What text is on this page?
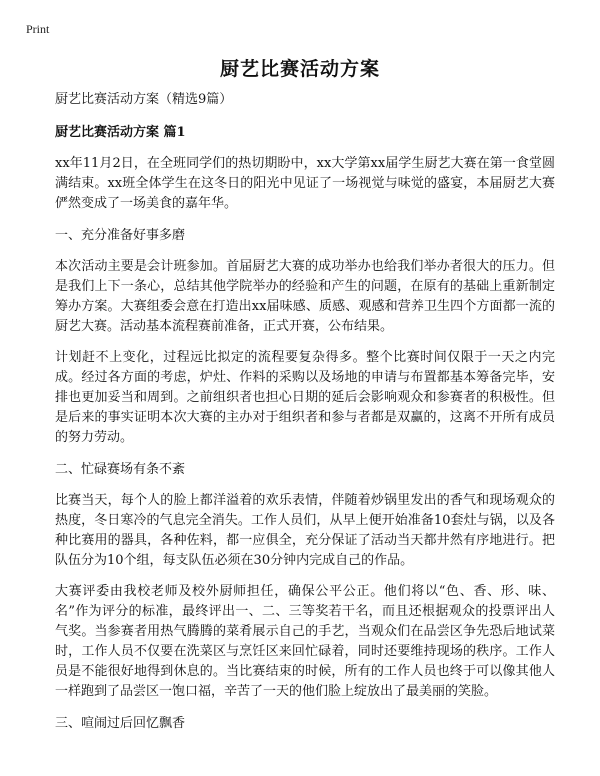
Print
厨艺比赛活动方案

厨艺比赛活动方案（精选9篇）

厨艺比赛活动方案 篇1

xx年11月2日，在全班同学们的热切期盼中，xx大学第xx届学生厨艺大赛在第一食堂圆满结束。xx班全体学生在这冬日的阳光中见证了一场视觉与味觉的盛宴，本届厨艺大赛俨然变成了一场美食的嘉年华。

一、充分准备好事多磨

本次活动主要是会计班参加。首届厨艺大赛的成功举办也给我们举办者很大的压力。但是我们上下一条心，总结其他学院举办的经验和产生的问题，在原有的基础上重新制定筹办方案。大赛组委会意在打造出xx届味感、质感、观感和营养卫生四个方面都一流的厨艺大赛。活动基本流程赛前准备，正式开赛，公布结果。

计划赶不上变化，过程远比拟定的流程要复杂得多。整个比赛时间仅限于一天之内完成。经过各方面的考虑，炉灶、作料的采购以及场地的申请与布置都基本筹备完毕，安排也更加妥当和周到。之前组织者也担心日期的延后会影响观众和参赛者的积极性。但是后来的事实证明本次大赛的主办对于组织者和参与者都是双赢的，这离不开所有成员的努力劳动。

二、忙碌赛场有条不紊

比赛当天，每个人的脸上都洋溢着的欢乐表情，伴随着炒锅里发出的香气和现场观众的热度，冬日寒冷的气息完全消失。工作人员们，从早上便开始准备10套灶与锅，以及各种比赛用的器具，各种佐料，都一应俱全，充分保证了活动当天都井然有序地进行。把队伍分为10个组，每支队伍必须在30分钟内完成自己的作品。

大赛评委由我校老师及校外厨师担任，确保公平公正。他们将以“色、香、形、味、名”作为评分的标准，最终评出一、二、三等奖若干名，而且还根据观众的投票评出人气奖。当参赛者用热气腾腾的菜肴展示自己的手艺，当观众们在品尝区争先恐后地试菜时，工作人员不仅要在洗菜区与烹饪区来回忙碌着，同时还要维持现场的秩序。工作人员是不能很好地得到休息的。当比赛结束的时候，所有的工作人员也终于可以像其他人一样跑到了品尝区一饱口福，辛苦了一天的他们脸上绽放出了最美丽的笑脸。

三、喧闹过后回忆飘香
